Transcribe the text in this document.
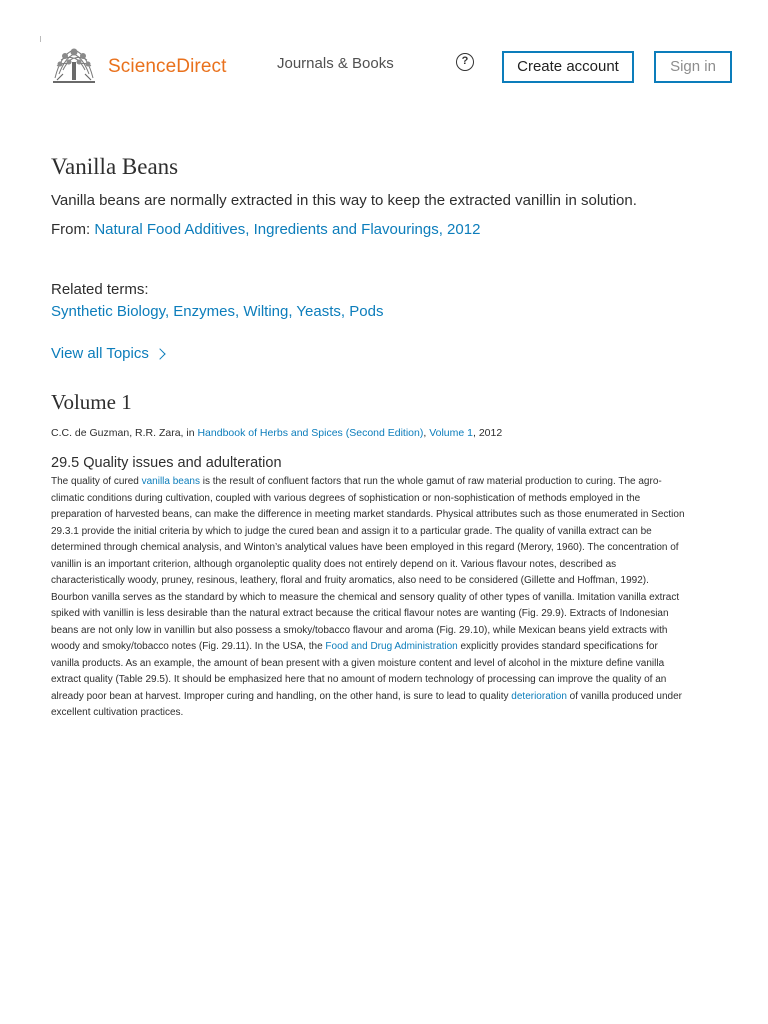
ScienceDirect	Journals & Books	?	Create account	Sign in
Vanilla Beans

Vanilla beans are normally extracted in this way to keep the extracted vanillin in solution.

From: Natural Food Additives, Ingredients and Flavourings, 2012

Related terms:

Synthetic Biology, Enzymes, Wilting, Yeasts, Pods

View all Topics
Volume 1

C.C. de Guzman, R.R. Zara, in Handbook of Herbs and Spices (Second Edition), Volume 1, 2012

29.5 Quality issues and adulteration

The quality of cured vanilla beans is the result of confluent factors that run the whole gamut of raw material production to curing. The agro-climatic conditions during cultivation, coupled with various degrees of sophistication or non-sophistication of methods employed in the preparation of harvested beans, can make the difference in meeting market standards. Physical attributes such as those enumerated in Section 29.3.1 provide the initial criteria by which to judge the cured bean and assign it to a particular grade. The quality of vanilla extract can be determined through chemical analysis, and Winton’s analytical values have been employed in this regard (Merory, 1960). The concentration of vanillin is an important criterion, although organoleptic quality does not entirely depend on it. Various flavour notes, described as characteristically woody, pruney, resinous, leathery, floral and fruity aromatics, also need to be considered (Gillette and Hoffman, 1992). Bourbon vanilla serves as the standard by which to measure the chemical and sensory quality of other types of vanilla. Imitation vanilla extract spiked with vanillin is less desirable than the natural extract because the critical flavour notes are wanting (Fig. 29.9). Extracts of Indonesian beans are not only low in vanillin but also possess a smoky/tobacco flavour and aroma (Fig. 29.10), while Mexican beans yield extracts with woody and smoky/tobacco notes (Fig. 29.11). In the USA, the Food and Drug Administration explicitly provides standard specifications for vanilla products. As an example, the amount of bean present with a given moisture content and level of alcohol in the mixture define vanilla extract quality (Table 29.5). It should be emphasized here that no amount of modern technology of processing can improve the quality of an already poor bean at harvest. Improper curing and handling, on the other hand, is sure to lead to quality deterioration of vanilla produced under excellent cultivation practices.
